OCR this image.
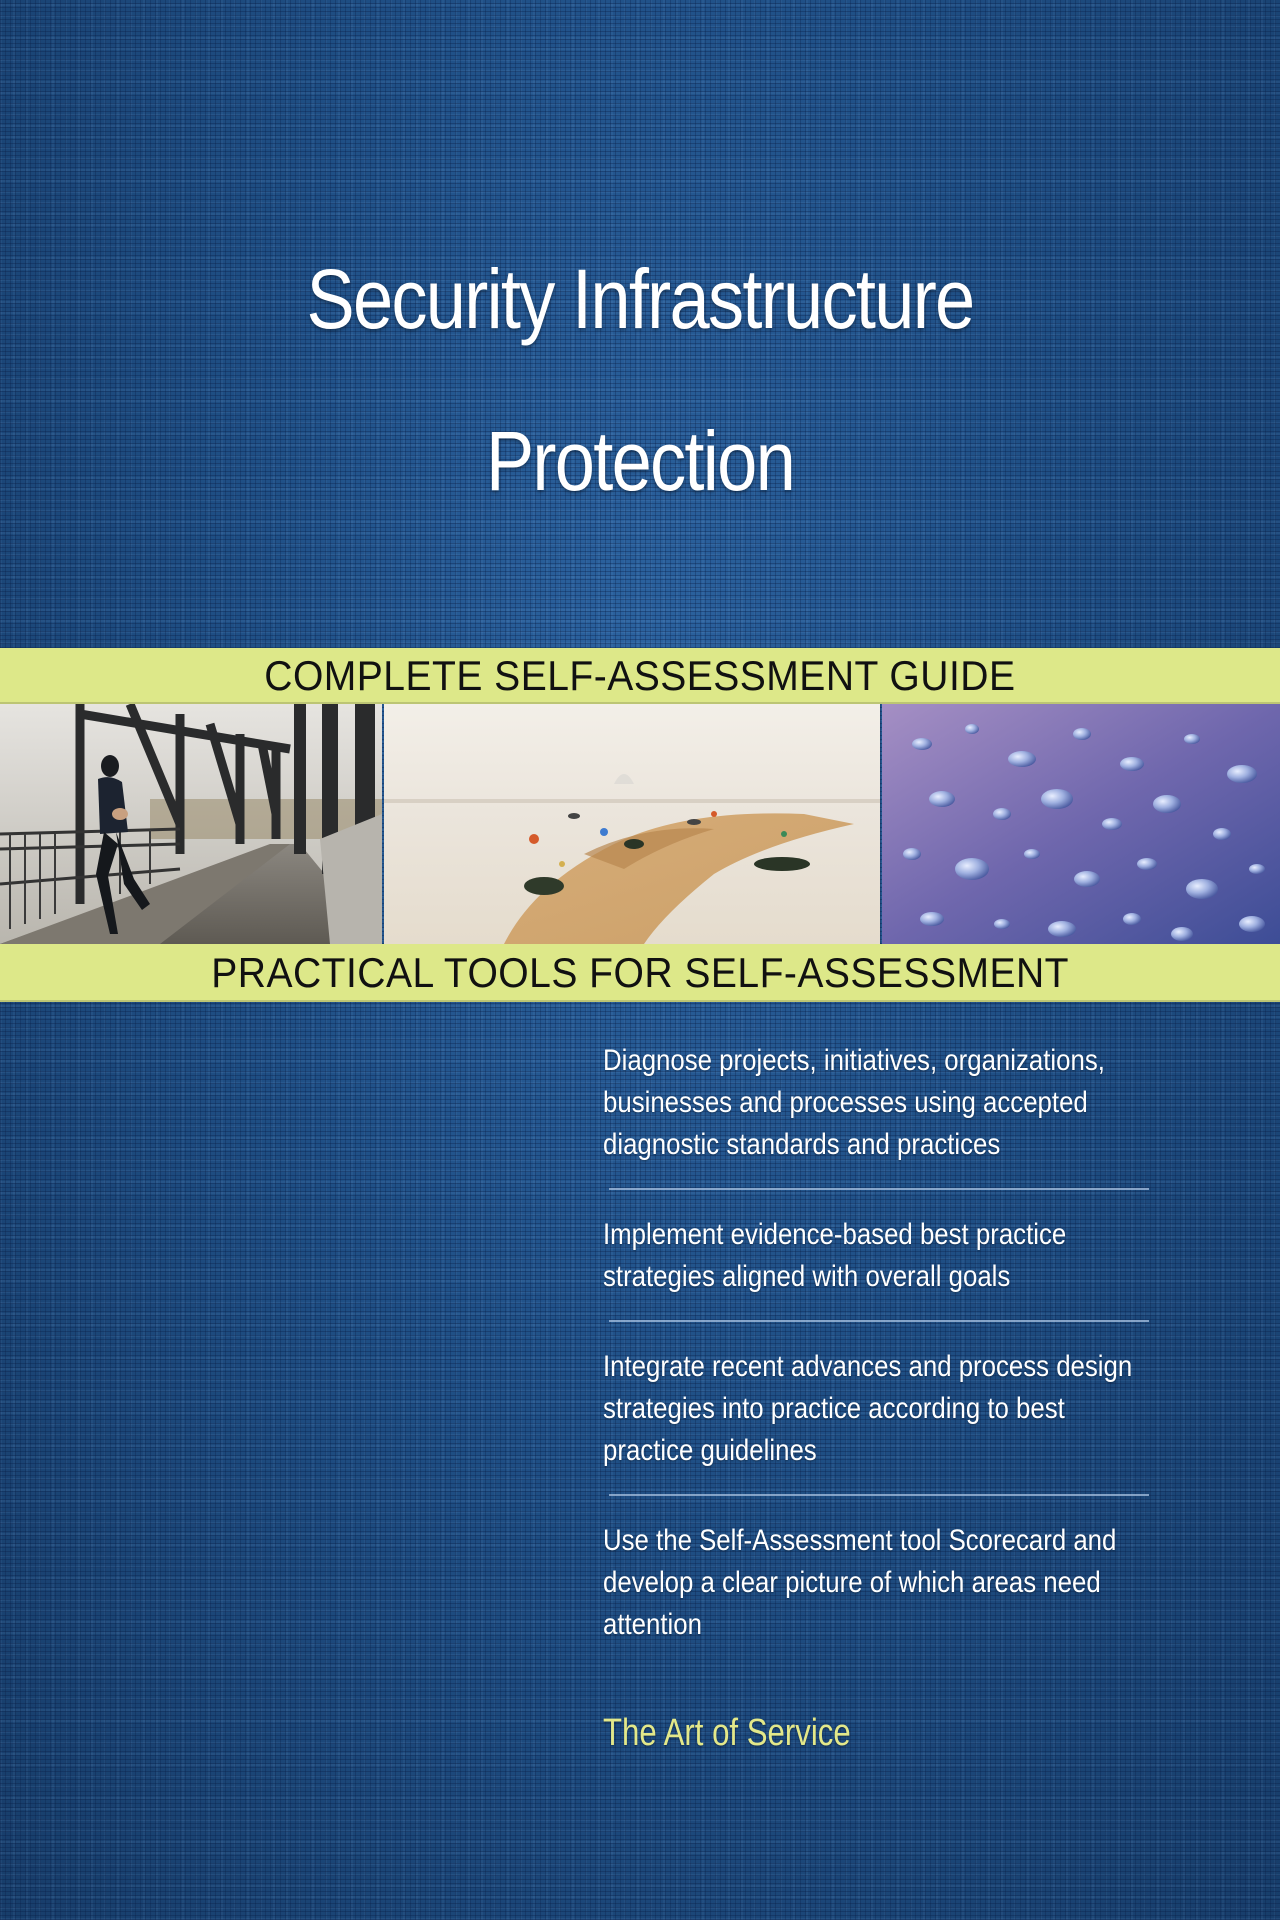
Security Infrastructure
Protection
COMPLETE SELF-ASSESSMENT GUIDE
PRACTICAL TOOLS FOR SELF-ASSESSMENT
Diagnose projects, initiatives, organizations, businesses and processes using accepted diagnostic standards and practices
Implement evidence-based best practice strategies aligned with overall goals
Integrate recent advances and process design strategies into practice according to best practice guidelines
Use the Self-Assessment tool Scorecard and develop a clear picture of which areas need attention
The Art of Service
